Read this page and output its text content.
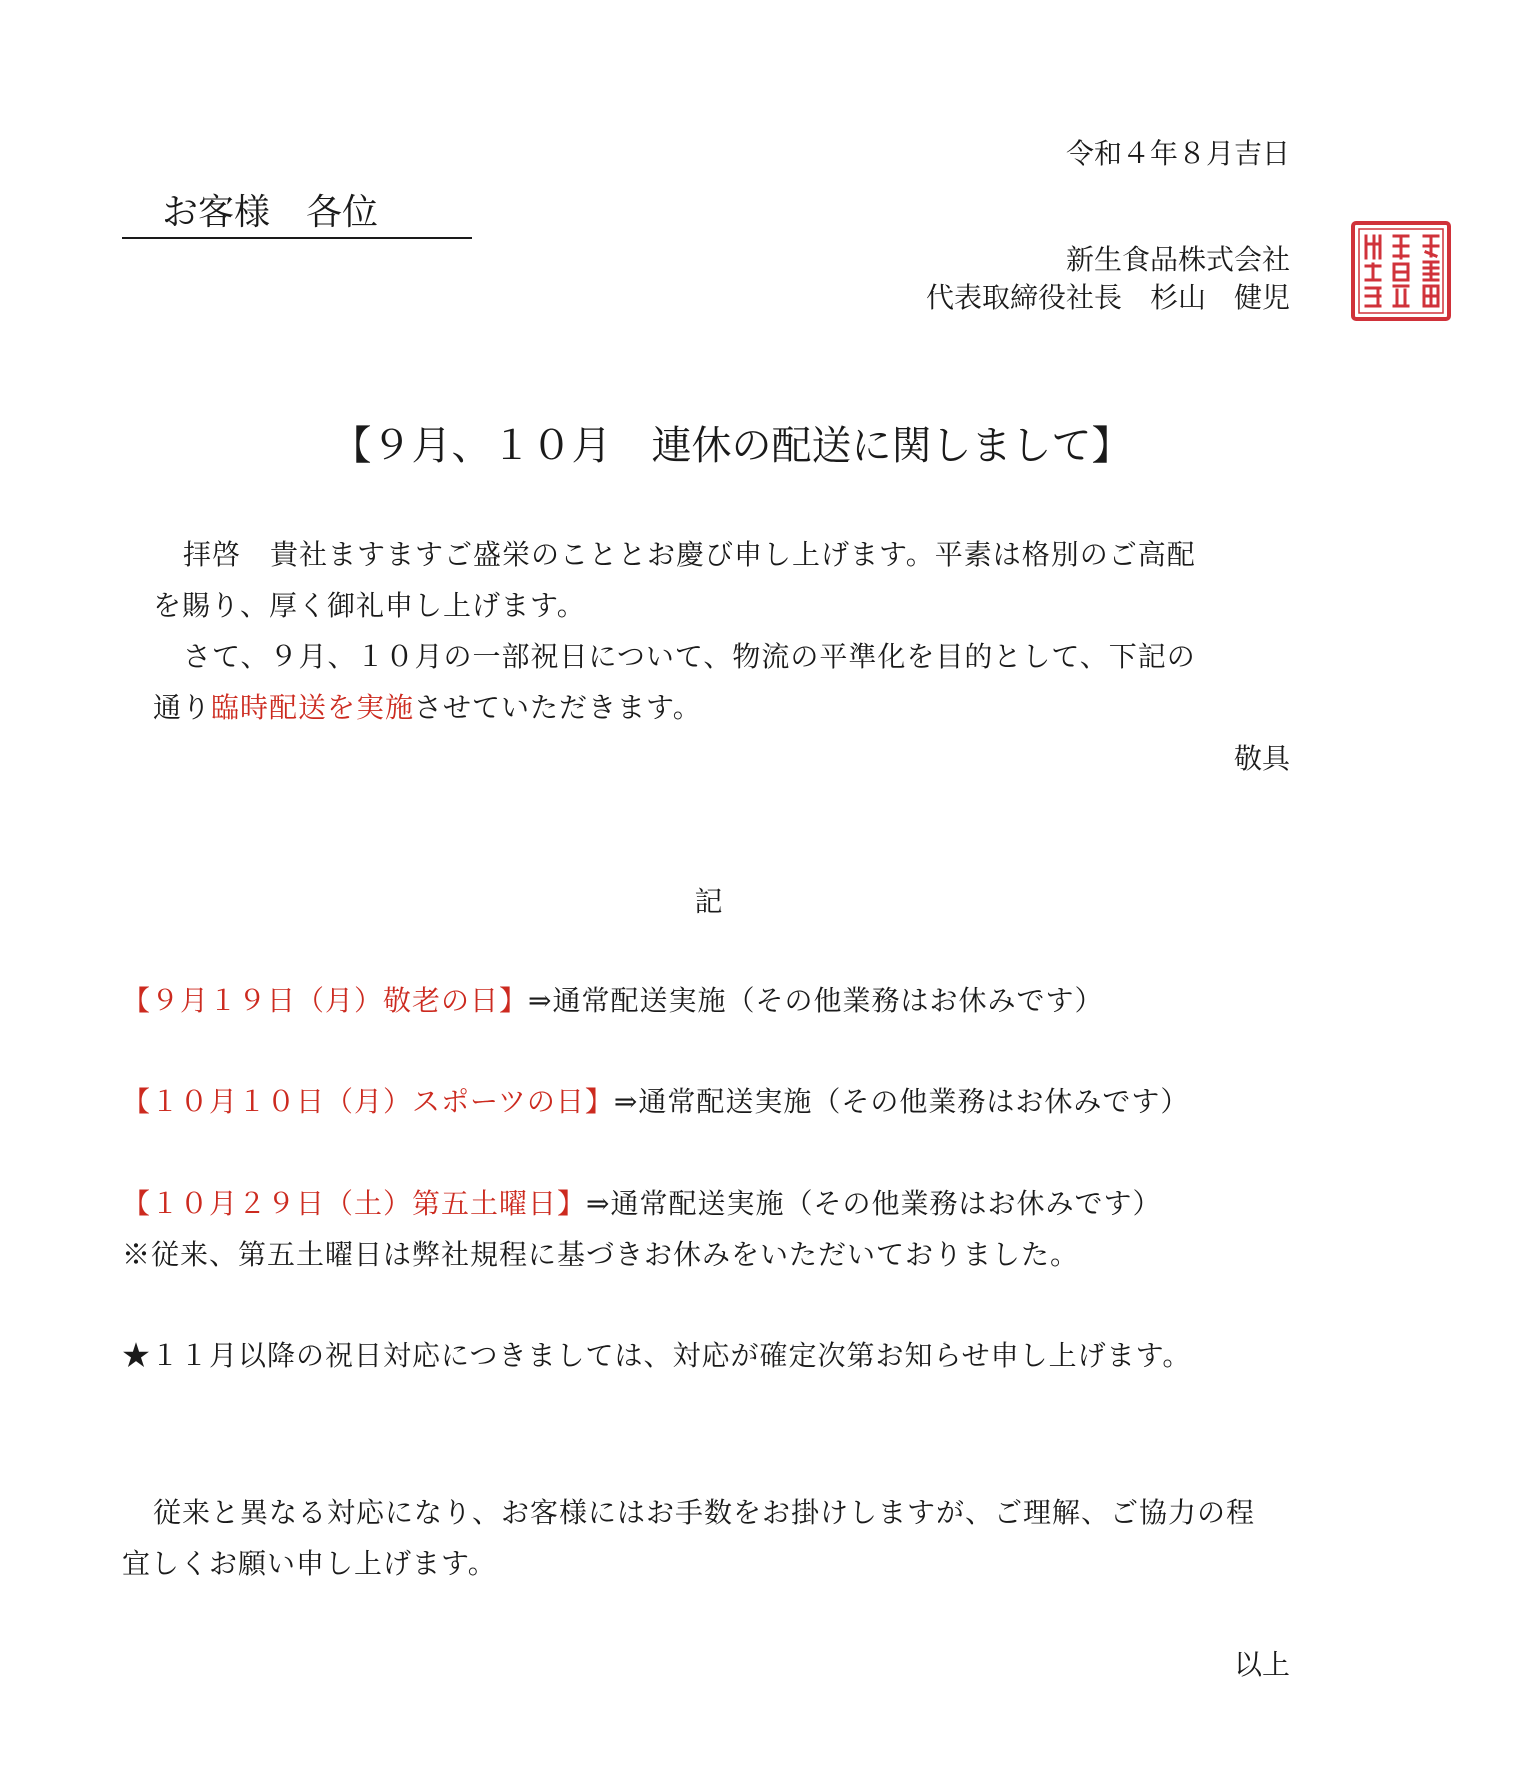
令和４年８月吉日
お客様　各位
新生食品株式会社
代表取締役社長　杉山　健児
【９月、１０月　連休の配送に関しまして】
拝啓　貴社ますますご盛栄のこととお慶び申し上げます。平素は格別のご高配
を賜り、厚く御礼申し上げます。
さて、９月、１０月の一部祝日について、物流の平準化を目的として、下記の
通り臨時配送を実施させていただきます。
敬具
記
【９月１９日（月）敬老の日】⇒通常配送実施（その他業務はお休みです）
【１０月１０日（月）スポーツの日】⇒通常配送実施（その他業務はお休みです）
【１０月２９日（土）第五土曜日】⇒通常配送実施（その他業務はお休みです）
※従来、第五土曜日は弊社規程に基づきお休みをいただいておりました。
★１１月以降の祝日対応につきましては、対応が確定次第お知らせ申し上げます。
従来と異なる対応になり、お客様にはお手数をお掛けしますが、ご理解、ご協力の程
宜しくお願い申し上げます。
以上
